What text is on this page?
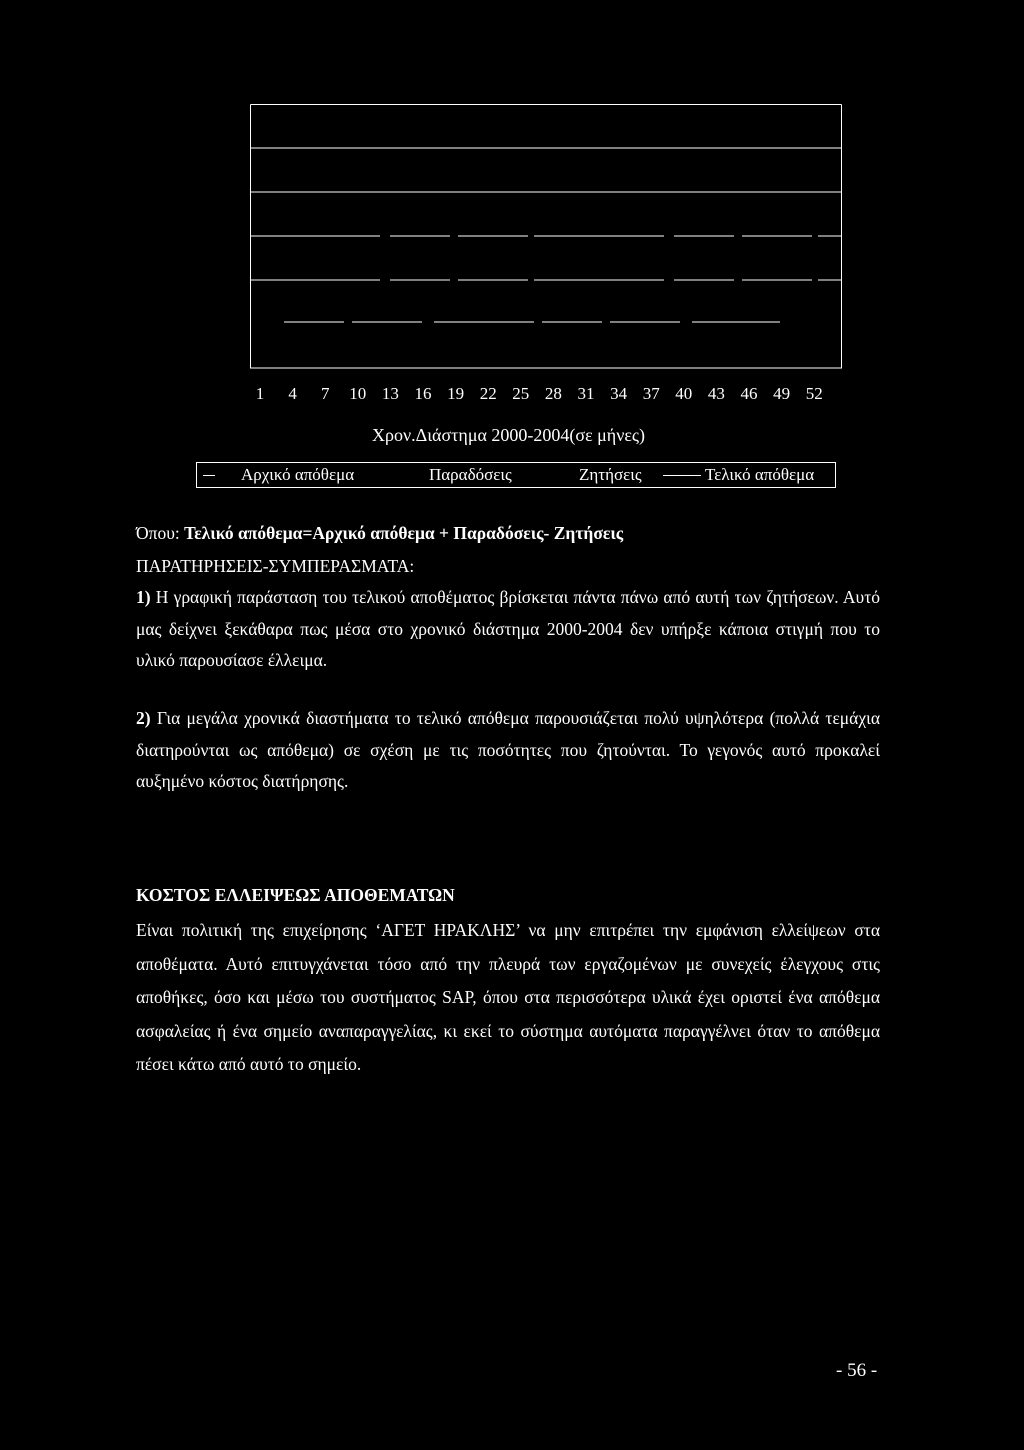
1 4 7 10 13 16 19 22 25 28 31 34 37 40 43 46 49 52
Χρον.Διάστημα 2000-2004(σε μήνες)
Αρχικό απόθεμα	Παραδόσεις	Ζητήσεις	Τελικό απόθεμα
Όπου: Τελικό απόθεμα=Αρχικό απόθεμα + Παραδόσεις- Ζητήσεις
ΠΑΡΑΤΗΡΗΣΕΙΣ-ΣΥΜΠΕΡΑΣΜΑΤΑ:
1) Η γραφική παράσταση του τελικού αποθέματος βρίσκεται πάντα πάνω από αυτή των ζητήσεων. Αυτό μας δείχνει ξεκάθαρα πως μέσα στο χρονικό διάστημα 2000-2004 δεν υπήρξε κάποια στιγμή που το υλικό παρουσίασε έλλειμα.
2) Για μεγάλα χρονικά διαστήματα το τελικό απόθεμα παρουσιάζεται πολύ υψηλότερα (πολλά τεμάχια διατηρούνται ως απόθεμα) σε σχέση με τις ποσότητες που ζητούνται. Το γεγονός αυτό προκαλεί αυξημένο κόστος διατήρησης.
ΚΟΣΤΟΣ ΕΛΛΕΙΨΕΩΣ ΑΠΟΘΕΜΑΤΩΝ
Είναι πολιτική της επιχείρησης ‘ΑΓΕΤ ΗΡΑΚΛΗΣ’ να μην επιτρέπει την εμφάνιση ελλείψεων στα αποθέματα. Αυτό επιτυγχάνεται τόσο από την πλευρά των εργαζομένων με συνεχείς έλεγχους στις αποθήκες, όσο και μέσω του συστήματος SAP, όπου στα περισσότερα υλικά έχει οριστεί ένα απόθεμα ασφαλείας ή ένα σημείο αναπαραγγελίας, κι εκεί το σύστημα αυτόματα παραγγέλνει όταν το απόθεμα πέσει κάτω από αυτό το σημείο.
- 56 -
